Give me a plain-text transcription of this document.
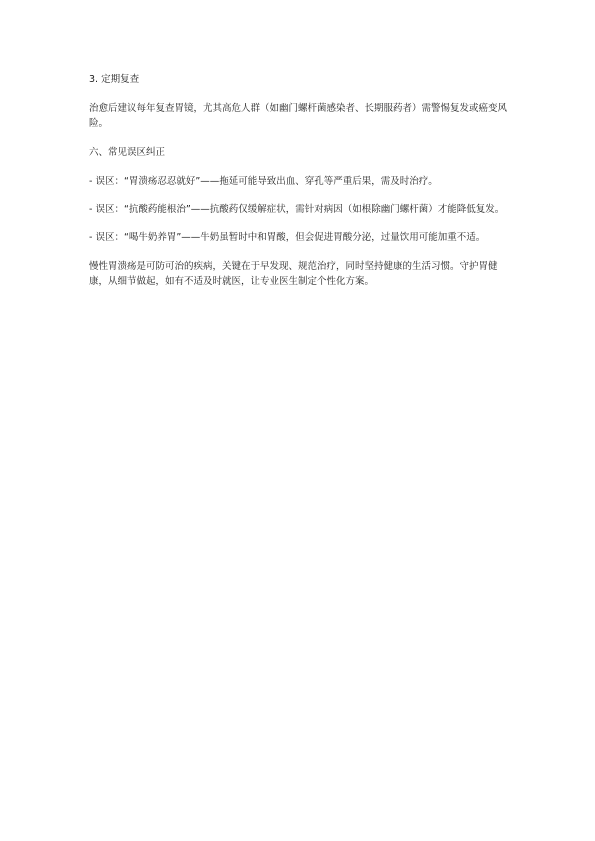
3. 定期复查

治愈后建议每年复查胃镜，尤其高危人群（如幽门螺杆菌感染者、长期服药者）需警惕复发或癌变风险。

六、常见误区纠正

- 误区：“胃溃疡忍忍就好”——拖延可能导致出血、穿孔等严重后果，需及时治疗。

- 误区：“抗酸药能根治”——抗酸药仅缓解症状，需针对病因（如根除幽门螺杆菌）才能降低复发。

- 误区：“喝牛奶养胃”——牛奶虽暂时中和胃酸，但会促进胃酸分泌，过量饮用可能加重不适。

慢性胃溃疡是可防可治的疾病，关键在于早发现、规范治疗，同时坚持健康的生活习惯。守护胃健康，从细节做起，如有不适及时就医，让专业医生制定个性化方案。
